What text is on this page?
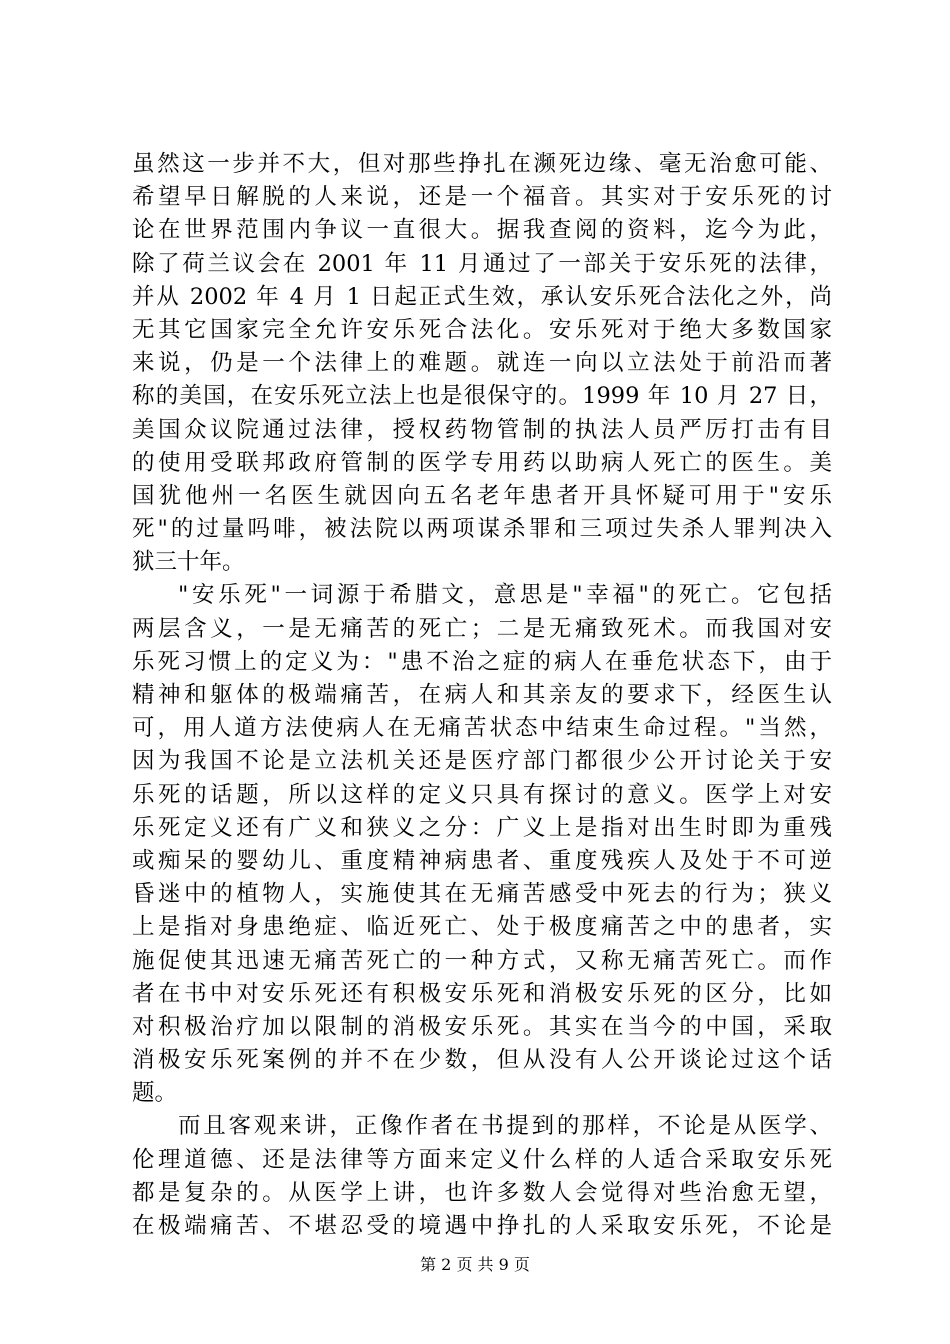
虽然这一步并不大，但对那些挣扎在濒死边缘、毫无治愈可能、
希望早日解脱的人来说，还是一个福音。其实对于安乐死的讨
论在世界范围内争议一直很大。据我查阅的资料，迄今为此，
除了荷兰议会在 2001 年 11 月通过了一部关于安乐死的法律，
并从 2002 年 4 月 1 日起正式生效，承认安乐死合法化之外，尚
无其它国家完全允许安乐死合法化。安乐死对于绝大多数国家
来说，仍是一个法律上的难题。就连一向以立法处于前沿而著
称的美国，在安乐死立法上也是很保守的。1999 年 10 月 27 日，
美国众议院通过法律，授权药物管制的执法人员严厉打击有目
的使用受联邦政府管制的医学专用药以助病人死亡的医生。美
国犹他州一名医生就因向五名老年患者开具怀疑可用于"安乐
死"的过量吗啡，被法院以两项谋杀罪和三项过失杀人罪判决入
狱三十年。
"安乐死"一词源于希腊文，意思是"幸福"的死亡。它包括
两层含义，一是无痛苦的死亡；二是无痛致死术。而我国对安
乐死习惯上的定义为："患不治之症的病人在垂危状态下，由于
精神和躯体的极端痛苦，在病人和其亲友的要求下，经医生认
可，用人道方法使病人在无痛苦状态中结束生命过程。"当然，
因为我国不论是立法机关还是医疗部门都很少公开讨论关于安
乐死的话题，所以这样的定义只具有探讨的意义。医学上对安
乐死定义还有广义和狭义之分：广义上是指对出生时即为重残
或痴呆的婴幼儿、重度精神病患者、重度残疾人及处于不可逆
昏迷中的植物人，实施使其在无痛苦感受中死去的行为；狭义
上是指对身患绝症、临近死亡、处于极度痛苦之中的患者，实
施促使其迅速无痛苦死亡的一种方式，又称无痛苦死亡。而作
者在书中对安乐死还有积极安乐死和消极安乐死的区分，比如
对积极治疗加以限制的消极安乐死。其实在当今的中国，采取
消极安乐死案例的并不在少数，但从没有人公开谈论过这个话
题。
而且客观来讲，正像作者在书提到的那样，不论是从医学、
伦理道德、还是法律等方面来定义什么样的人适合采取安乐死
都是复杂的。从医学上讲，也许多数人会觉得对些治愈无望，
在极端痛苦、不堪忍受的境遇中挣扎的人采取安乐死，不论是
第 2 页 共 9 页
